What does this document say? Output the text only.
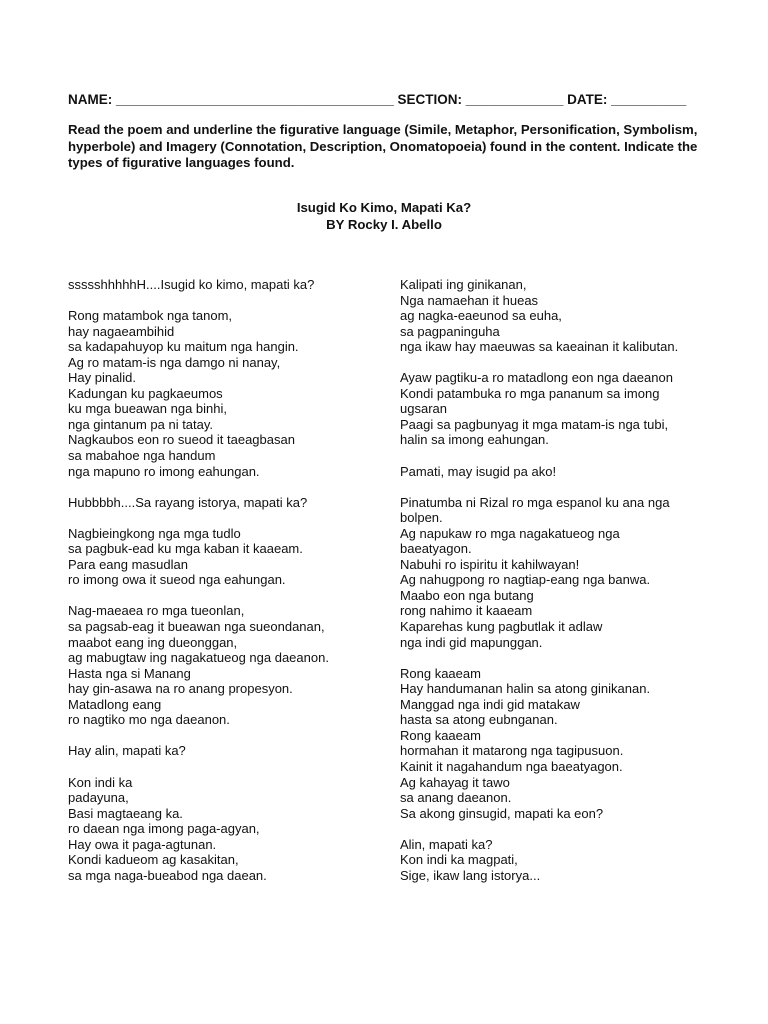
NAME: _____________________________________ SECTION: _____________ DATE: __________
Read the poem and underline the figurative language (Simile, Metaphor, Personification, Symbolism, hyperbole) and Imagery (Connotation, Description, Onomatopoeia) found in the content. Indicate the types of figurative languages found.
Isugid Ko Kimo, Mapati Ka?
BY Rocky I. Abello
ssssshhhhhH....Isugid ko kimo, mapati ka?
Rong matambok nga tanom,
hay nagaeambihid
sa kadapahuyop ku maitum nga hangin.
Ag ro matam-is nga damgo ni nanay,
Hay pinalid.
Kadungan ku pagkaeumos
ku mga bueawan nga binhi,
nga gintanum pa ni tatay.
Nagkaubos eon ro sueod it taeagbasan
sa mabahoe nga handum
nga mapuno ro imong eahungan.
Hubbbbh....Sa rayang istorya, mapati ka?
Nagbieingkong nga mga tudlo
sa pagbuk-ead ku mga kaban it kaaeam.
Para eang masudlan
ro imong owa it sueod nga eahungan.
Nag-maeaea ro mga tueonlan,
sa pagsab-eag it bueawan nga sueondanan,
maabot eang ing dueonggan,
ag mabugtaw ing nagakatueog nga daeanon.
Hasta nga si Manang
hay gin-asawa na ro anang propesyon.
Matadlong eang
ro nagtiko mo nga daeanon.
Hay alin, mapati ka?
Kon indi ka
padayuna,
Basi magtaeang ka.
ro daean nga imong paga-agyan,
Hay owa it paga-agtunan.
Kondi kadueom ag kasakitan,
sa mga naga-bueabod nga daean.
Kalipati ing ginikanan,
Nga namaehan it hueas
ag nagka-eaeunod sa euha,
sa pagpaninguha
nga ikaw hay maeuwas sa kaeainan it kalibutan.
Ayaw pagtiku-a ro matadlong eon nga daeanon
Kondi patambuka ro mga pananum sa imong
ugsaran
Paagi sa pagbunyag it mga matam-is nga tubi,
halin sa imong eahungan.
Pamati, may isugid pa ako!
Pinatumba ni Rizal ro mga espanol ku ana nga
bolpen.
Ag napukaw ro mga nagakatueog nga
baeatyagon.
Nabuhi ro ispiritu it kahilwayan!
Ag nahugpong ro nagtiap-eang nga banwa.
Maabo eon nga butang
rong nahimo it kaaeam
Kaparehas kung pagbutlak it adlaw
nga indi gid mapunggan.
Rong kaaeam
Hay handumanan halin sa atong ginikanan.
Manggad nga indi gid matakaw
hasta sa atong eubnganan.
Rong kaaeam
hormahan it matarong nga tagipusuon.
Kainit it nagahandum nga baeatyagon.
Ag kahayag it tawo
sa anang daeanon.
Sa akong ginsugid, mapati ka eon?
Alin, mapati ka?
Kon indi ka magpati,
Sige, ikaw lang istorya...
